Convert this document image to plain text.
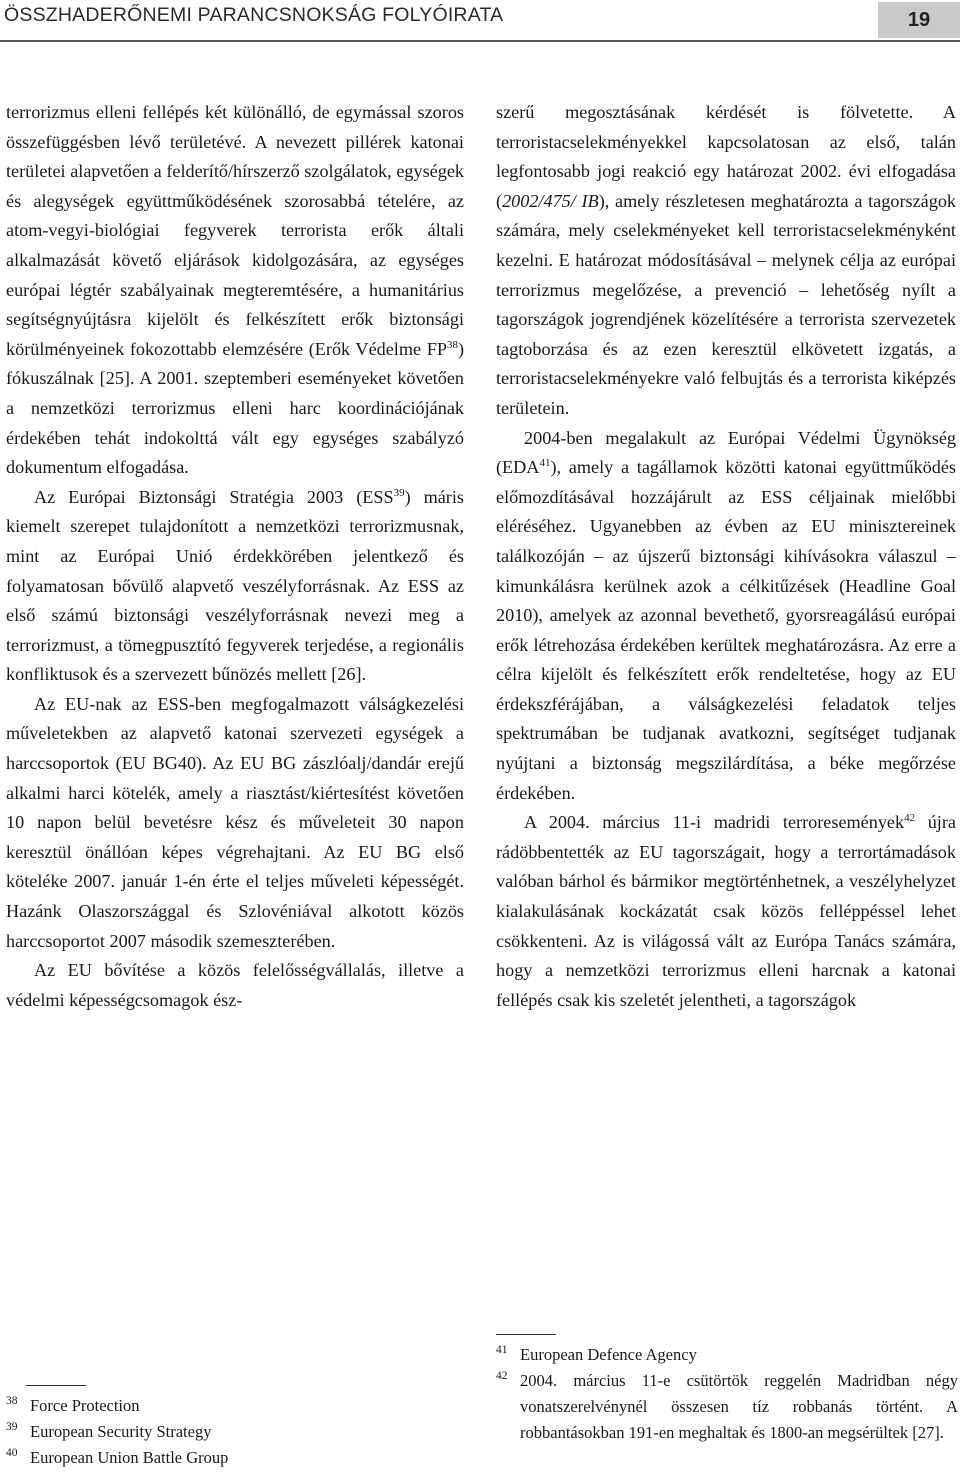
ÖSSZHADERŐNEMI PARANCSNOKSÁG FOLYÓIRATA	19

terrorizmus elleni fellépés két különálló, de egymással szoros összefüggésben lévő területévé. A nevezett pillérek katonai területei alapvetően a felderítő/hírszerző szolgálatok, egységek és alegységek együttműködésének szorosabbá tételére, az atom-vegyi-biológiai fegyverek terrorista erők általi alkalmazását követő eljárások kidolgozására, az egységes európai légtér szabályainak megteremtésére, a humanitárius segítségnyújtásra kijelölt és felkészített erők biztonsági körülményeinek fokozottabb elemzésére (Erők Védelme FP$^{38}$) fókuszálnak [25]. A 2001. szeptemberi eseményeket követően a nemzetközi terrorizmus elleni harc koordinációjának érdekében tehát indokolttá vált egy egységes szabályzó dokumentum elfogadása.

Az Európai Biztonsági Stratégia 2003 (ESS$^{39}$) máris kiemelt szerepet tulajdonított a nemzetközi terrorizmusnak, mint az Európai Unió érdekkörében jelentkező és folyamatosan bővülő alapvető veszélyforrásnak. Az ESS az első számú biztonsági veszélyforrásnak nevezi meg a terrorizmust, a tömegpusztító fegyverek terjedése, a regionális konfliktusok és a szervezett bűnözés mellett [26].

Az EU-nak az ESS-ben megfogalmazott válságkezelési műveletekben az alapvető katonai szervezeti egységek a harccsoportok (EU BG40). Az EU BG zászlóalj/dandár erejű alkalmi harci kötelék, amely a riasztást/kiértesítést követően 10 napon belül bevetésre kész és műveleteit 30 napon keresztül önállóan képes végrehajtani. Az EU BG első köteléke 2007. január 1-én érte el teljes műveleti képességét. Hazánk Olaszországgal és Szlovéniával alkotott közös harccsoportot 2007 második szemeszterében.

Az EU bővítése a közös felelősségvállalás, illetve a védelmi képességcsomagok ész-

szerű megosztásának kérdését is fölvetette. A terroristacselekményekkel kapcsolatosan az első, talán legfontosabb jogi reakció egy határozat 2002. évi elfogadása (2002/475/ IB), amely részletesen meghatározta a tagországok számára, mely cselekményeket kell terroristacselekményként kezelni. E határozat módosításával – melynek célja az európai terrorizmus megelőzése, a prevenció – lehetőség nyílt a tagországok jogrendjének közelítésére a terrorista szervezetek tagtoborzása és az ezen keresztül elkövetett izgatás, a terroristacselekményekre való felbujtás és a terrorista kiképzés területein.

2004-ben megalakult az Európai Védelmi Ügynökség (EDA$^{41}$), amely a tagállamok közötti katonai együttműködés előmozdításával hozzájárult az ESS céljainak mielőbbi eléréséhez. Ugyanebben az évben az EU minisztereinek találkozóján – az újszerű biztonsági kihívásokra válaszul – kimunkálásra kerülnek azok a célkitűzések (Headline Goal 2010), amelyek az azonnal bevethető, gyorsreagálású európai erők létrehozása érdekében kerültek meghatározásra. Az erre a célra kijelölt és felkészített erők rendeltetése, hogy az EU érdekszférájában, a válságkezelési feladatok teljes spektrumában be tudjanak avatkozni, segítséget tudjanak nyújtani a biztonság megszilárdítása, a béke megőrzése érdekében.

A 2004. március 11-i madridi terroresemények$^{42}$ újra rádöbbentették az EU tagországait, hogy a terrortámadások valóban bárhol és bármikor megtörténhetnek, a veszélyhelyzet kialakulásának kockázatát csak közös felléppéssel lehet csökkenteni. Az is világossá vált az Európa Tanács számára, hogy a nemzetközi terrorizmus elleni harcnak a katonai fellépés csak kis szeletét jelentheti, a tagországok

38 Force Protection
39 European Security Strategy
40 European Union Battle Group
41 European Defence Agency
42 2004. március 11-e csütörtök reggelén Madridban négy vonatszerelvénynél összesen tíz robbanás történt. A robbantásokban 191-en meghaltak és 1800-an megsérültek [27].
